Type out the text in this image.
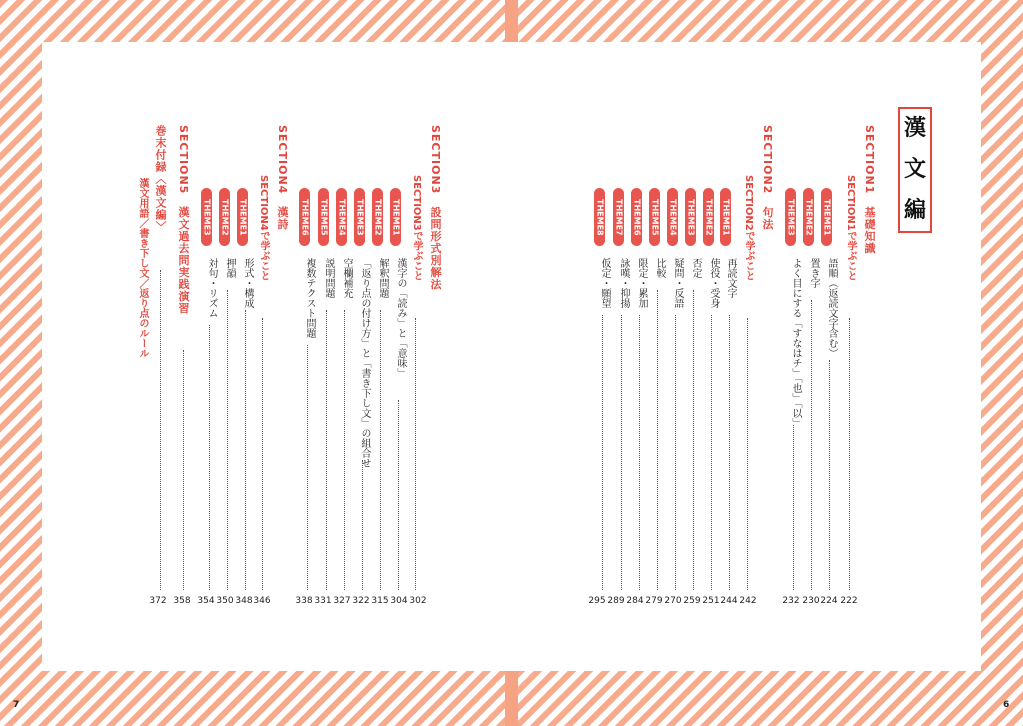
漢
文
編
SECTION1　基礎知識
SECTION1で学ぶこと
222
THEME1
語順（返読文字含む）
224
THEME2
置き字
230
THEME3
よく目にする「すなはチ」「也」「以」
232
SECTION2　句法
SECTION2で学ぶこと
242
THEME1
再読文字
244
THEME2
使役・受身
251
THEME3
否定
259
THEME4
疑問・反語
270
THEME5
比較
279
THEME6
限定・累加
284
THEME7
詠嘆・抑揚
289
THEME8
仮定・願望
295
SECTION3　設問形式別解法
SECTION3で学ぶこと
302
THEME1
漢字の「読み」と「意味」
304
THEME2
解釈問題
315
THEME3
「返り点の付け方」と「書き下し文」の組合せ
322
THEME4
空欄補充
327
THEME5
説明問題
331
THEME6
複数テクスト問題
338
SECTION4　漢詩
SECTION4で学ぶこと
346
THEME1
形式・構成
348
THEME2
押韻
350
THEME3
対句・リズム
354
SECTION5　漢文過去問実践演習
358
巻末付録〈漢文編〉
漢文用語／書き下し文／返り点のルール
372
7	6
